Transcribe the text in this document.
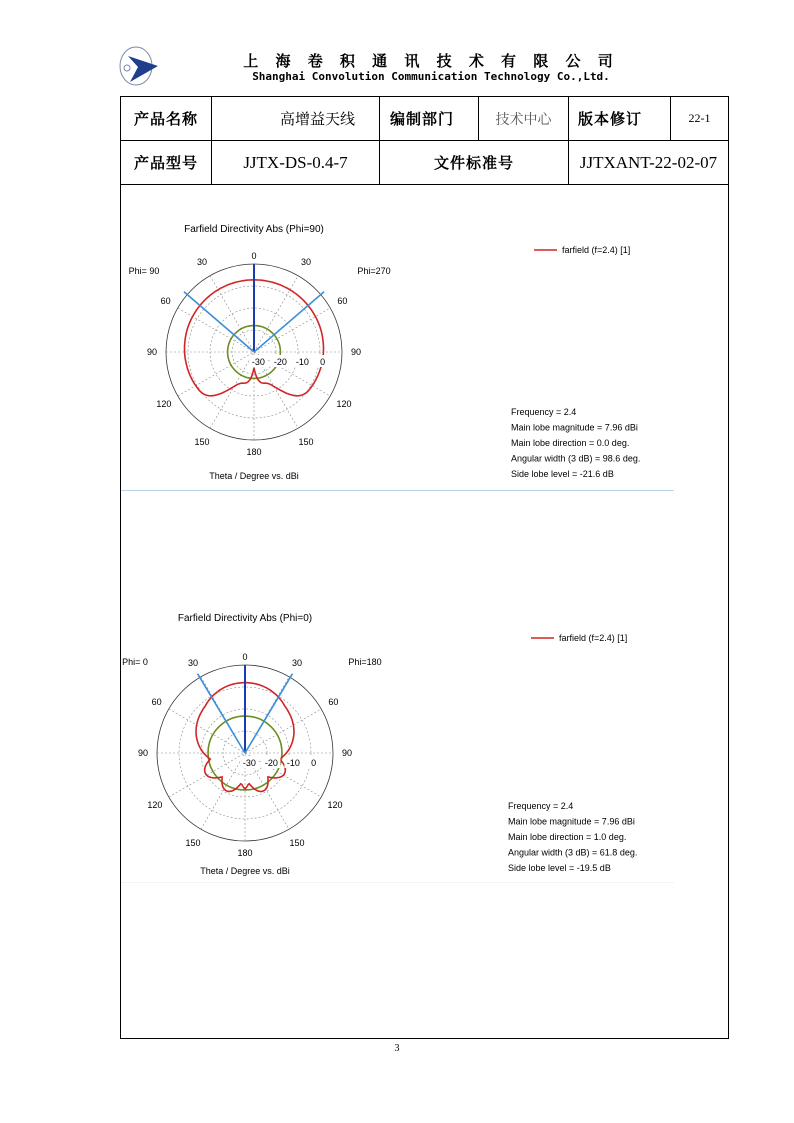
上 海 卷 积 通 讯 技 术 有 限 公 司
Shanghai Convolution Communication Technology Co.,Ltd.
产品名称	高增益天线	编制部门	技术中心	版本修订	22-1
产品型号	JJTX-DS-0.4-7	文件标准号	JJTXANT-22-02-07
Farfield Directivity Abs (Phi=90)
0
30	30
60	60
90	90
120	120
150	150
180
Phi= 90	Phi=270
-30 -20 -10 0
Theta / Degree vs. dBi
farfield (f=2.4) [1]
Frequency = 2.4
Main lobe magnitude = 7.96 dBi
Main lobe direction = 0.0 deg.
Angular width (3 dB) = 98.6 deg.
Side lobe level = -21.6 dB
Farfield Directivity Abs (Phi=0)
0
30	30
60	60
90	90
120	120
150	150
180
Phi= 0	Phi=180
-30 -20 -10 0
Theta / Degree vs. dBi
farfield (f=2.4) [1]
Frequency = 2.4
Main lobe magnitude = 7.96 dBi
Main lobe direction = 1.0 deg.
Angular width (3 dB) = 61.8 deg.
Side lobe level = -19.5 dB
3
